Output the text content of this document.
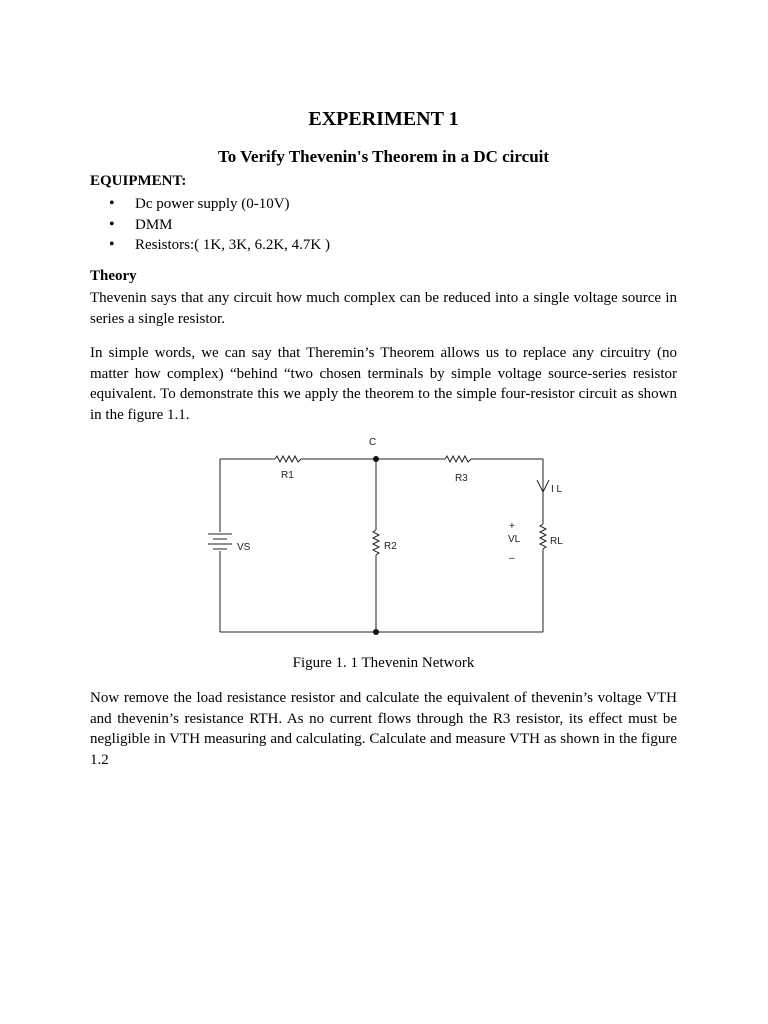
EXPERIMENT 1
To Verify Thevenin's Theorem in a DC circuit

EQUIPMENT:

• Dc power supply (0-10V)
• DMM
• Resistors:( 1K, 3K, 6.2K, 4.7K )

Theory

Thevenin says that any circuit how much complex can be reduced into a single voltage source in series a single resistor.

In simple words, we can say that Theremin’s Theorem allows us to replace any circuitry (no matter how complex) “behind “two chosen terminals by simple voltage source-series resistor equivalent. To demonstrate this we apply the theorem to the simple four-resistor circuit as shown in the figure 1.1.

Figure 1. 1 Thevenin Network

Now remove the load resistance resistor and calculate the equivalent of thevenin’s voltage VTH and thevenin’s resistance RTH. As no current flows through the R3 resistor, its effect must be negligible in VTH measuring and calculating. Calculate and measure VTH as shown in the figure 1.2

C
R1	R3
R2	RL
VS
I L
+
VL
–
